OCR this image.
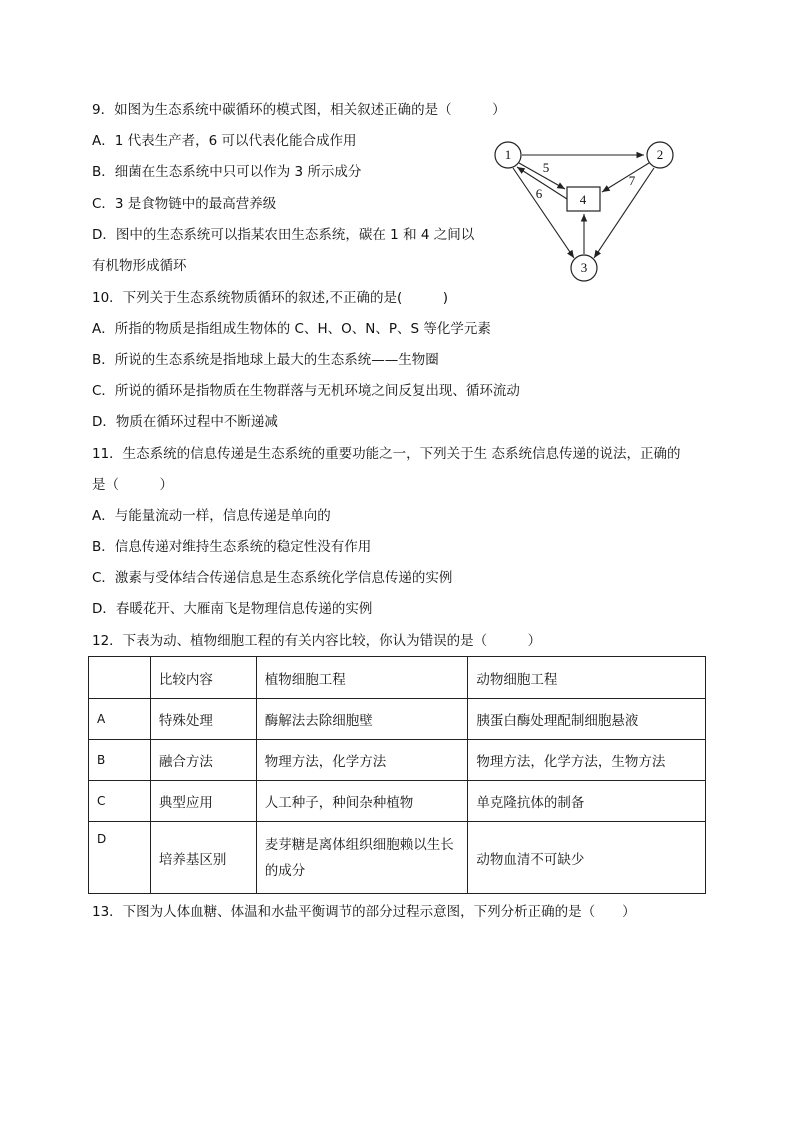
9．如图为生态系统中碳循环的模式图，相关叙述正确的是（　　　）
A．1 代表生产者，6 可以代表化能合成作用
B．细菌在生态系统中只可以作为 3 所示成分
C．3 是食物链中的最高营养级
D．图中的生态系统可以指某农田生态系统，碳在 1 和 4 之间以
有机物形成循环
1	2
3
4
5
6
7
10．下列关于生态系统物质循环的叙述,不正确的是(　　　)
A．所指的物质是指组成生物体的 C、H、O、N、P、S 等化学元素
B．所说的生态系统是指地球上最大的生态系统——生物圈
C．所说的循环是指物质在生物群落与无机环境之间反复出现、循环流动
D．物质在循环过程中不断递减
11．生态系统的信息传递是生态系统的重要功能之一，下列关于生 态系统信息传递的说法，正确的
是（　　　）
A．与能量流动一样，信息传递是单向的
B．信息传递对维持生态系统的稳定性没有作用
C．激素与受体结合传递信息是生态系统化学信息传递的实例
D．春暖花开、大雁南飞是物理信息传递的实例
12．下表为动、植物细胞工程的有关内容比较，你认为错误的是（　　　）
	比较内容	植物细胞工程	动物细胞工程
A	特殊处理	酶解法去除细胞壁	胰蛋白酶处理配制细胞悬液
B	融合方法	物理方法，化学方法	物理方法，化学方法，生物方法
C	典型应用	人工种子，种间杂种植物	单克隆抗体的制备
D	培养基区别	麦芽糖是离体组织细胞赖以生长的成分	动物血清不可缺少
13．下图为人体血糖、体温和水盐平衡调节的部分过程示意图，下列分析正确的是（　　）
